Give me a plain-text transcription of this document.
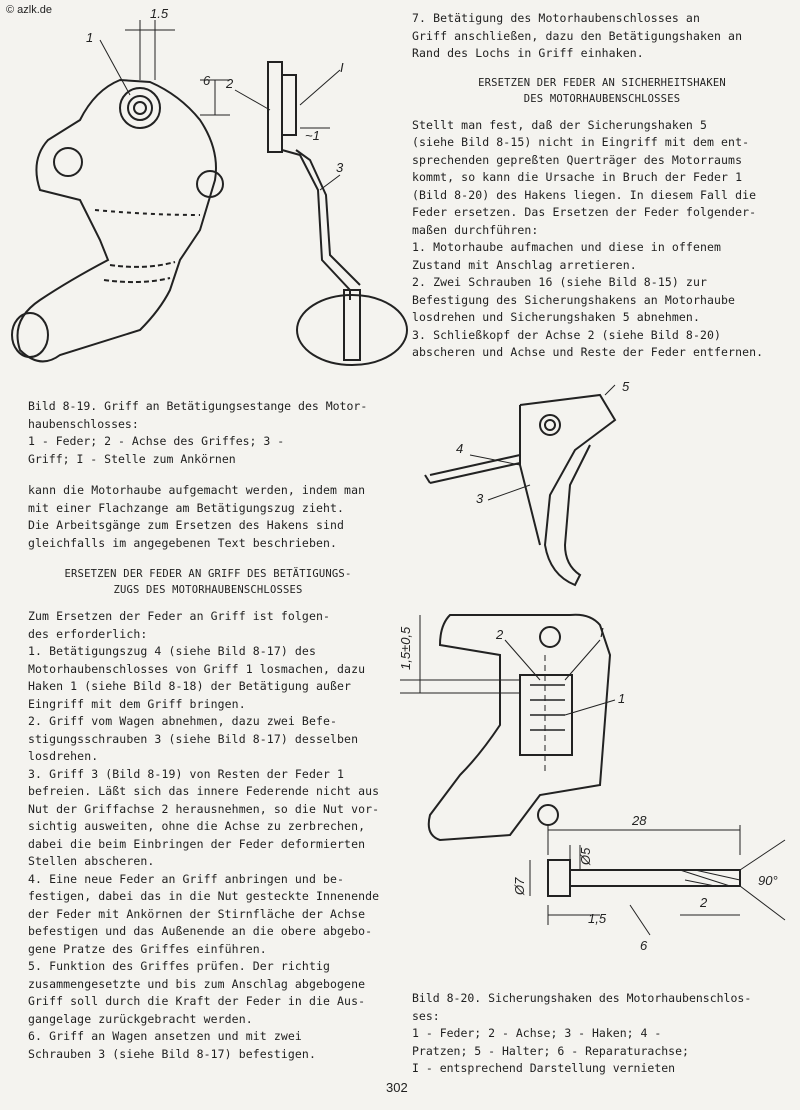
© azlk.de	1.5
6
~1
1
2
3
I

Bild 8-19. Griff an Betätigungsestange des Motor-
haubenschlosses:
1 - Feder; 2 - Achse des Griffes; 3 -
Griff; I - Stelle zum Ankörnen

kann die Motorhaube aufgemacht werden, indem man
mit einer Flachzange am Betätigungszug zieht.

Die Arbeitsgänge zum Ersetzen des Hakens sind
gleichfalls im angegebenen Text beschrieben.

ERSETZEN DER FEDER AN GRIFF DES BETÄTIGUNGS-
ZUGS DES MOTORHAUBENSCHLOSSES

Zum Ersetzen der Feder an Griff ist folgen-
des erforderlich:

1. Betätigungszug 4 (siehe Bild 8-17) des
Motorhaubenschlosses von Griff 1 losmachen, dazu
Haken 1 (siehe Bild 8-18) der Betätigung außer
Eingriff mit dem Griff bringen.

2. Griff vom Wagen abnehmen, dazu zwei Befe-
stigungsschrauben 3 (siehe Bild 8-17) desselben
losdrehen.

3. Griff 3 (Bild 8-19) von Resten der Feder 1
befreien. Läßt sich das innere Federende nicht aus
Nut der Griffachse 2 herausnehmen, so die Nut vor-
sichtig ausweiten, ohne die Achse zu zerbrechen,
dabei die beim Einbringen der Feder deformierten
Stellen abscheren.

4. Eine neue Feder an Griff anbringen und be-
festigen, dabei das in die Nut gesteckte Innenende
der Feder mit Ankörnen der Stirnfläche der Achse
befestigen und das Außenende an die obere abgebo-
gene Pratze des Griffes einführen.

5. Funktion des Griffes prüfen. Der richtig
zusammengesetzte und bis zum Anschlag abgebogene
Griff soll durch die Kraft der Feder in die Aus-
gangelage zurückgebracht werden.

6. Griff an Wagen ansetzen und mit zwei
Schrauben 3 (siehe Bild 8-17) befestigen.

7. Betätigung des Motorhaubenschlosses an
Griff anschließen, dazu den Betätigungshaken an
Rand des Lochs in Griff einhaken.

ERSETZEN DER FEDER AN SICHERHEITSHAKEN
DES MOTORHAUBENSCHLOSSES

Stellt man fest, daß der Sicherungshaken 5
(siehe Bild 8-15) nicht in Eingriff mit dem ent-
sprechenden gepreßten Querträger des Motorraums
kommt, so kann die Ursache in Bruch der Feder 1
(Bild 8-20) des Hakens liegen. In diesem Fall die
Feder ersetzen. Das Ersetzen der Feder folgender-
maßen durchführen:

1. Motorhaube aufmachen und diese in offenem
Zustand mit Anschlag arretieren.

2. Zwei Schrauben 16 (siehe Bild 8-15) zur
Befestigung des Sicherungshakens an Motorhaube
losdrehen und Sicherungshaken 5 abnehmen.

3. Schließkopf der Achse 2 (siehe Bild 8-20)
abscheren und Achse und Reste der Feder entfernen.

5
4
3
2	I
1
6
1,5±0,5
28
Ø5
Ø7
2
1,5
90°

Bild 8-20. Sicherungshaken des Motorhaubenschlos-
ses:
1 - Feder; 2 - Achse; 3 - Haken; 4 -
Pratzen; 5 - Halter; 6 - Reparaturachse;
I - entsprechend Darstellung vernieten

302
